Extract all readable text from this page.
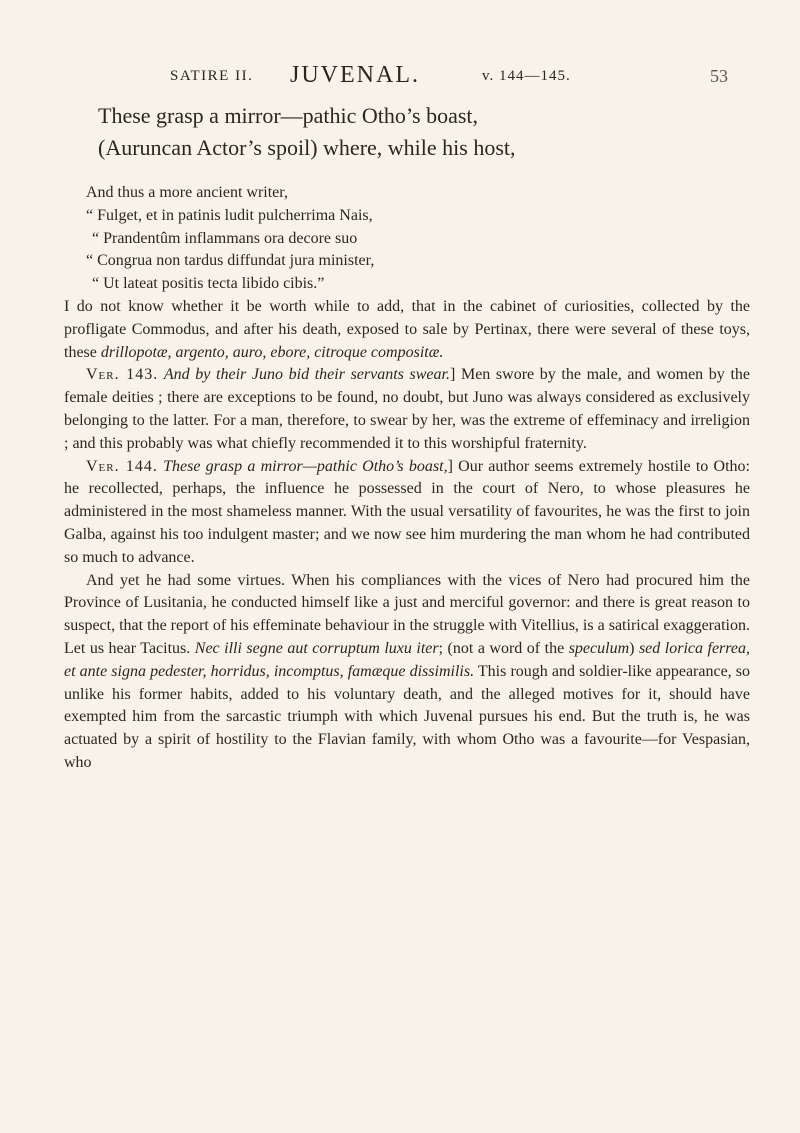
SATIRE II. JUVENAL.	v. 144—145.	53
These grasp a mirror—pathic Otho’s boast,
(Auruncan Actor’s spoil) where, while his host,

And thus a more ancient writer,

“ Fulget, et in patinis ludit pulcherrima Nais,
“ Prandentûm inflammans ora decore suo
“ Congrua non tardus diffundat jura minister,
“ Ut lateat positis tecta libido cibis.”

I do not know whether it be worth while to add, that in the cabinet of curiosities, collected by the profligate Commodus, and after his death, exposed to sale by Pertinax, there were several of these toys, these drillopotæ, argento, auro, ebore, citroque compositæ.

Ver. 143. And by their Juno bid their servants swear.] Men swore by the male, and women by the female deities ; there are exceptions to be found, no doubt, but Juno was always considered as exclusively belonging to the latter. For a man, therefore, to swear by her, was the extreme of effeminacy and irreligion ; and this probably was what chiefly recommended it to this worshipful fraternity.

Ver. 144. These grasp a mirror—pathic Otho’s boast,] Our author seems extremely hostile to Otho: he recollected, perhaps, the influence he possessed in the court of Nero, to whose pleasures he administered in the most shameless manner. With the usual versatility of favourites, he was the first to join Galba, against his too indulgent master; and we now see him murdering the man whom he had contributed so much to advance.

And yet he had some virtues. When his compliances with the vices of Nero had procured him the Province of Lusitania, he conducted himself like a just and merciful governor: and there is great reason to suspect, that the report of his effeminate behaviour in the struggle with Vitellius, is a satirical exaggeration. Let us hear Tacitus. Nec illi segne aut corruptum luxu iter; (not a word of the speculum) sed lorica ferrea, et ante signa pedester, horridus, incomptus, famæque dissimilis. This rough and soldier-like appearance, so unlike his former habits, added to his voluntary death, and the alleged motives for it, should have exempted him from the sarcastic triumph with which Juvenal pursues his end. But the truth is, he was actuated by a spirit of hostility to the Flavian family, with whom Otho was a favourite—for Vespasian, who
